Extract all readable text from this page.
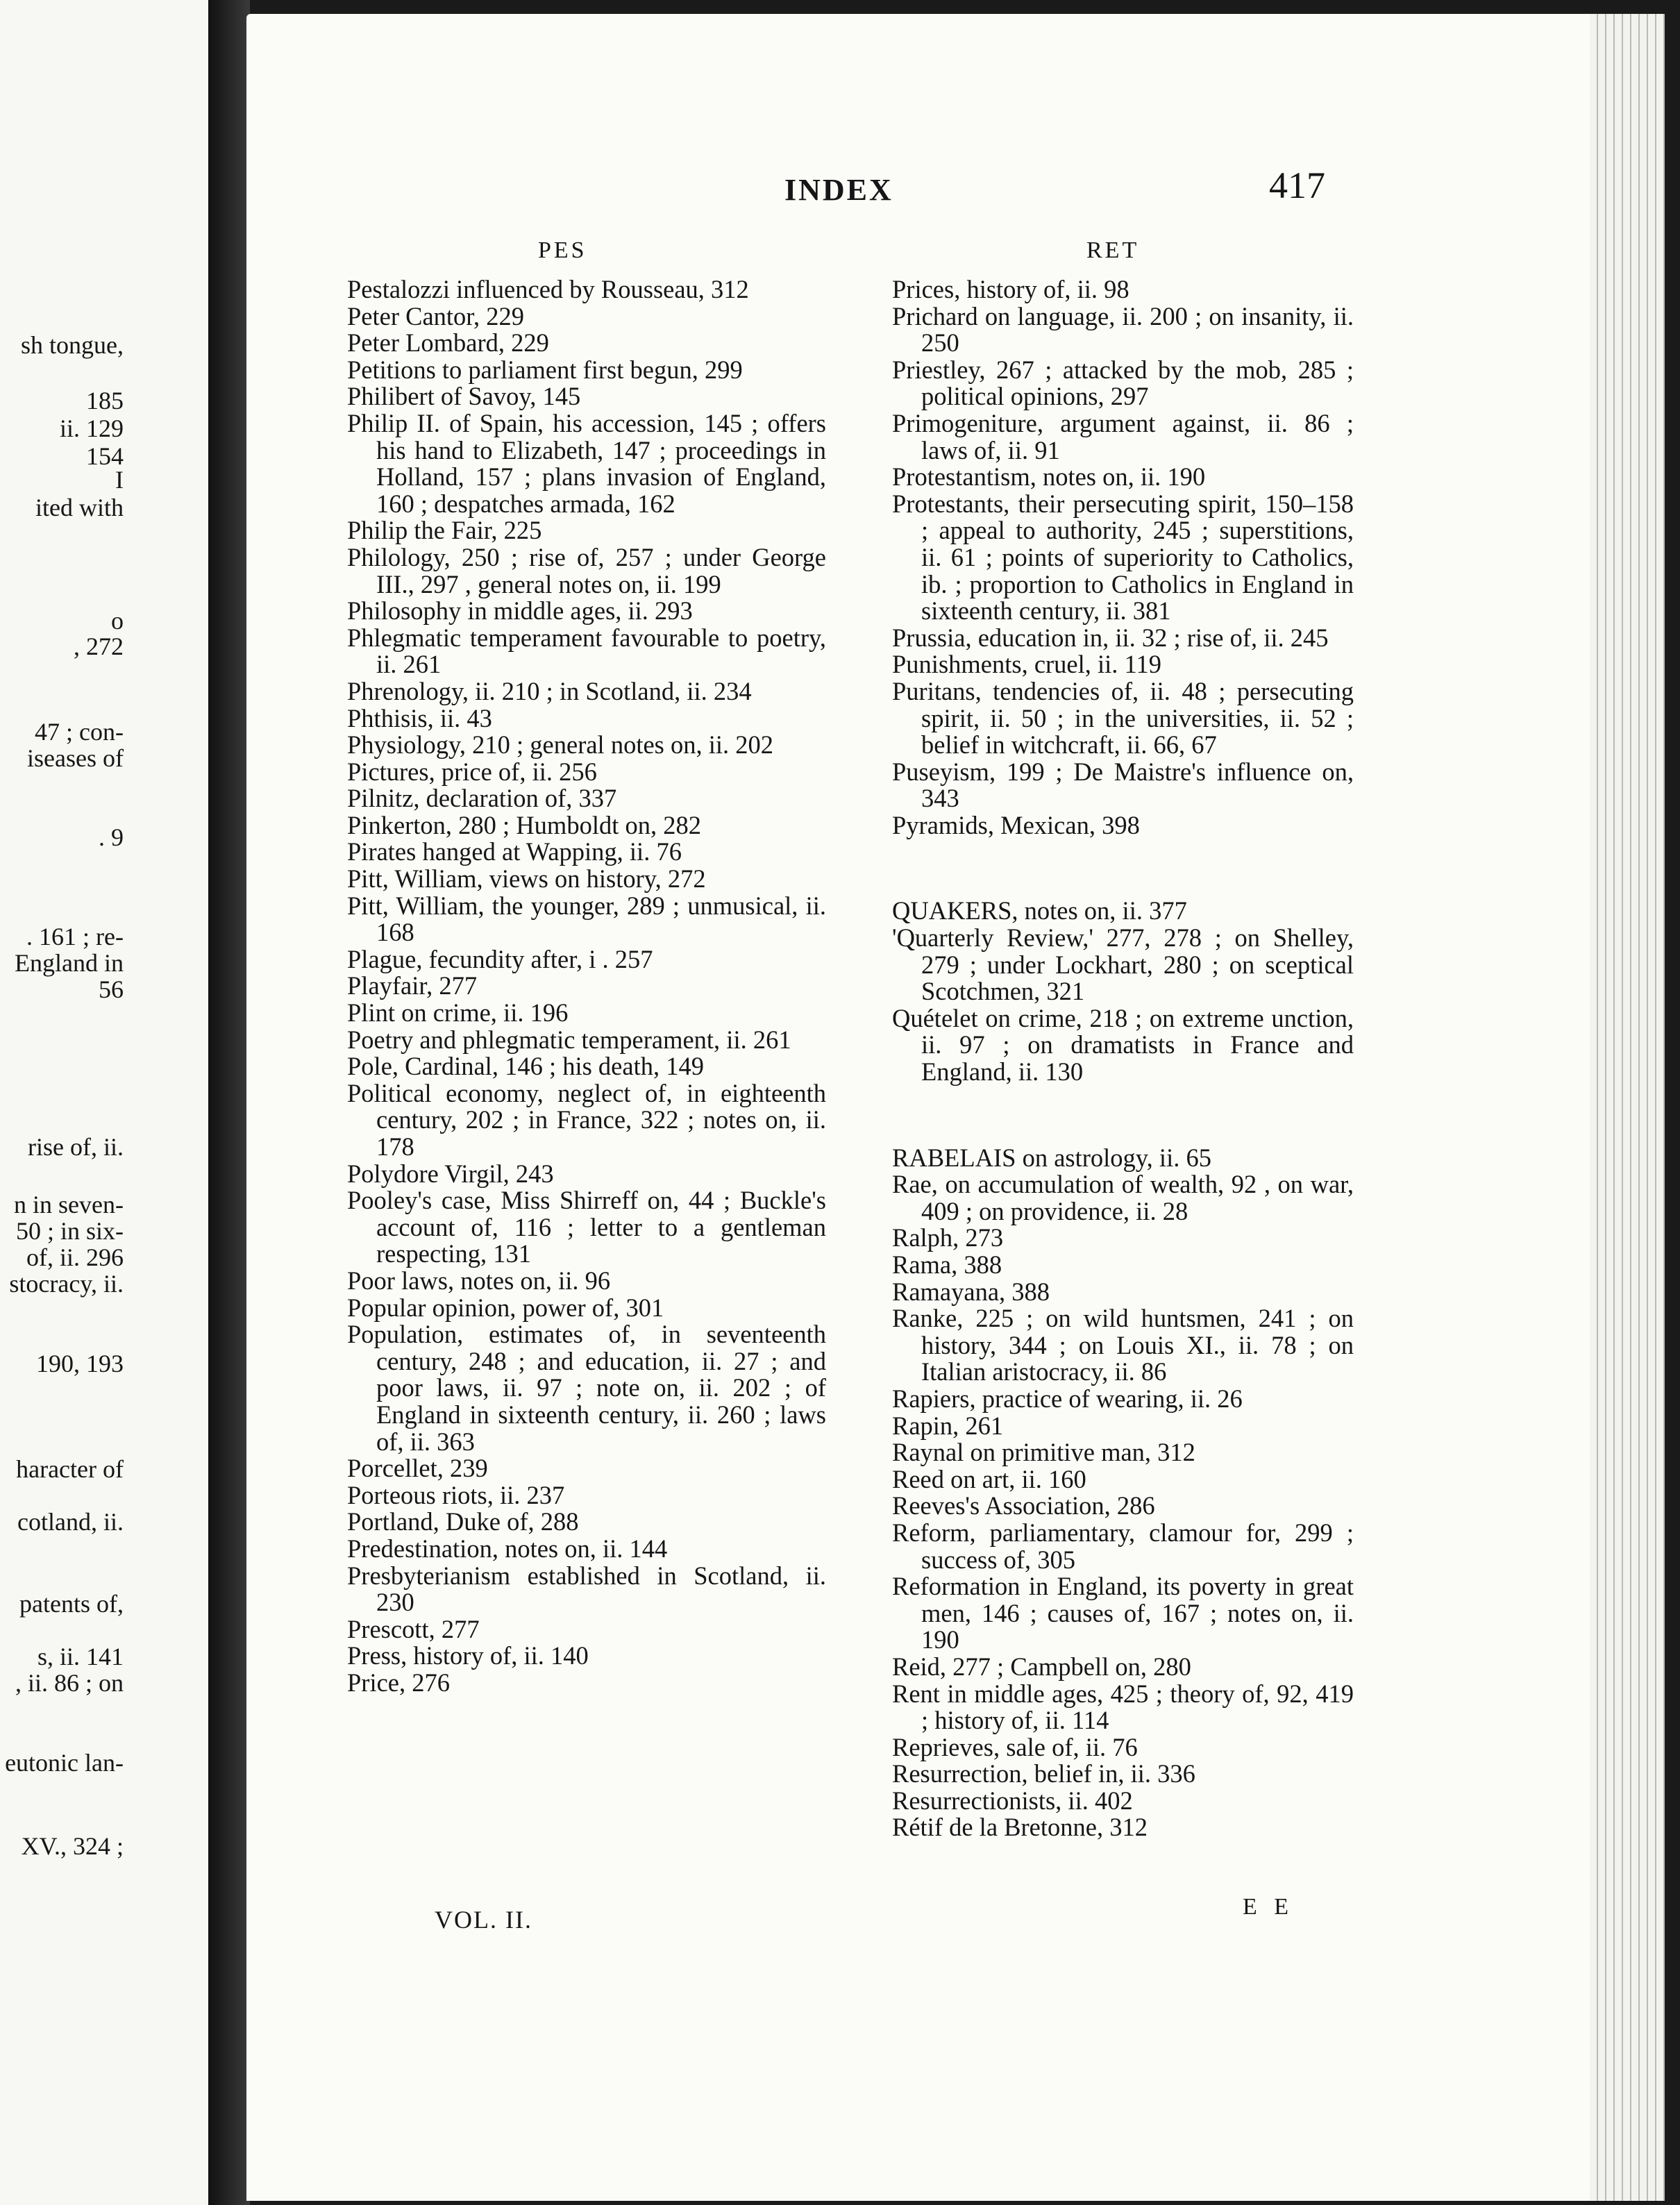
sh tongue,
185
ii. 129
154
I
ited with
o
, 272
47 ; con-
iseases of
. 9
. 161 ; re-
England in
56
rise of, ii.
n in seven-
50 ; in six-
of, ii. 296
stocracy, ii.
190, 193
haracter of
cotland, ii.
patents of,
s, ii. 141
, ii. 86 ; on
eutonic lan-
XV., 324 ;
INDEX	417
PES	RET
Pestalozzi influenced by Rousseau, 312
Peter Cantor, 229
Peter Lombard, 229
Petitions to parliament first begun, 299
Philibert of Savoy, 145
Philip II. of Spain, his accession, 145 ; offers his hand to Elizabeth, 147 ; proceedings in Holland, 157 ; plans invasion of England, 160 ; despatches armada, 162
Philip the Fair, 225
Philology, 250 ; rise of, 257 ; under George III., 297 , general notes on, ii. 199
Philosophy in middle ages, ii. 293
Phlegmatic temperament favourable to poetry, ii. 261
Phrenology, ii. 210 ; in Scotland, ii. 234
Phthisis, ii. 43
Physiology, 210 ; general notes on, ii. 202
Pictures, price of, ii. 256
Pilnitz, declaration of, 337
Pinkerton, 280 ; Humboldt on, 282
Pirates hanged at Wapping, ii. 76
Pitt, William, views on history, 272
Pitt, William, the younger, 289 ; unmusical, ii. 168
Plague, fecundity after, i . 257
Playfair, 277
Plint on crime, ii. 196
Poetry and phlegmatic temperament, ii. 261
Pole, Cardinal, 146 ; his death, 149
Political economy, neglect of, in eighteenth century, 202 ; in France, 322 ; notes on, ii. 178
Polydore Virgil, 243
Pooley's case, Miss Shirreff on, 44 ; Buckle's account of, 116 ; letter to a gentleman respecting, 131
Poor laws, notes on, ii. 96
Popular opinion, power of, 301
Population, estimates of, in seventeenth century, 248 ; and education, ii. 27 ; and poor laws, ii. 97 ; note on, ii. 202 ; of England in sixteenth century, ii. 260 ; laws of, ii. 363
Porcellet, 239
Porteous riots, ii. 237
Portland, Duke of, 288
Predestination, notes on, ii. 144
Presbyterianism established in Scotland, ii. 230
Prescott, 277
Press, history of, ii. 140
Price, 276
Prices, history of, ii. 98
Prichard on language, ii. 200 ; on insanity, ii. 250
Priestley, 267 ; attacked by the mob, 285 ; political opinions, 297
Primogeniture, argument against, ii. 86 ; laws of, ii. 91
Protestantism, notes on, ii. 190
Protestants, their persecuting spirit, 150–158 ; appeal to authority, 245 ; superstitions, ii. 61 ; points of superiority to Catholics, ib. ; proportion to Catholics in England in sixteenth century, ii. 381
Prussia, education in, ii. 32 ; rise of, ii. 245
Punishments, cruel, ii. 119
Puritans, tendencies of, ii. 48 ; persecuting spirit, ii. 50 ; in the universities, ii. 52 ; belief in witchcraft, ii. 66, 67
Puseyism, 199 ; De Maistre's influence on, 343
Pyramids, Mexican, 398
QUAKERS, notes on, ii. 377
'Quarterly Review,' 277, 278 ; on Shelley, 279 ; under Lockhart, 280 ; on sceptical Scotchmen, 321
Quételet on crime, 218 ; on extreme unction, ii. 97 ; on dramatists in France and England, ii. 130
RABELAIS on astrology, ii. 65
Rae, on accumulation of wealth, 92 , on war, 409 ; on providence, ii. 28
Ralph, 273
Rama, 388
Ramayana, 388
Ranke, 225 ; on wild huntsmen, 241 ; on history, 344 ; on Louis XI., ii. 78 ; on Italian aristocracy, ii. 86
Rapiers, practice of wearing, ii. 26
Rapin, 261
Raynal on primitive man, 312
Reed on art, ii. 160
Reeves's Association, 286
Reform, parliamentary, clamour for, 299 ; success of, 305
Reformation in England, its poverty in great men, 146 ; causes of, 167 ; notes on, ii. 190
Reid, 277 ; Campbell on, 280
Rent in middle ages, 425 ; theory of, 92, 419 ; history of, ii. 114
Reprieves, sale of, ii. 76
Resurrection, belief in, ii. 336
Resurrectionists, ii. 402
Rétif de la Bretonne, 312
VOL. II.	E E
